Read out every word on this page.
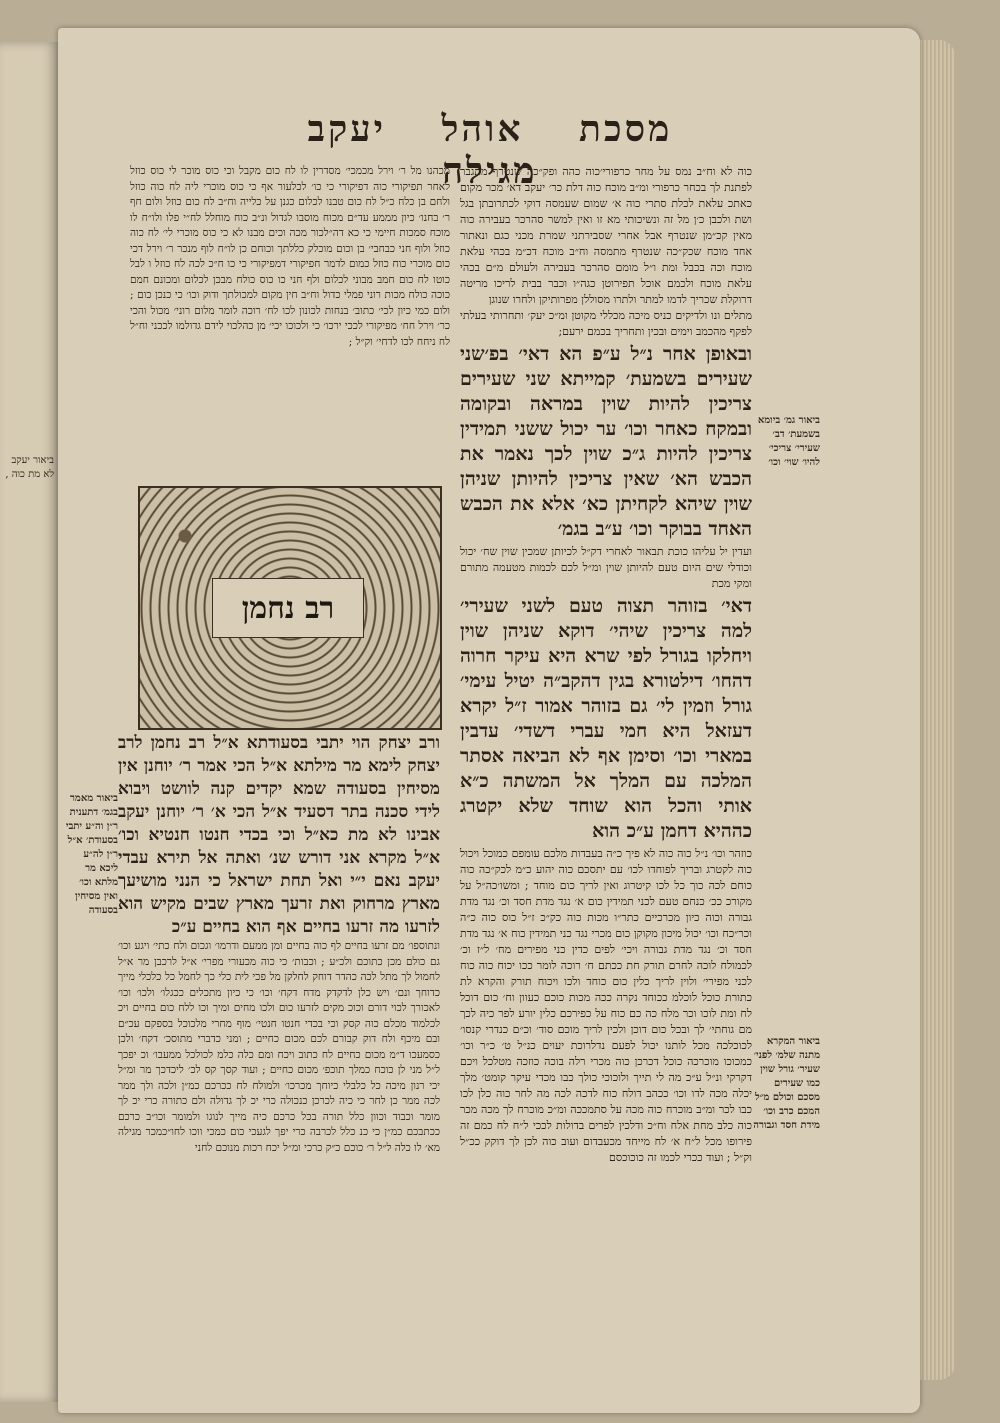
ביאור יעקב לא מת כוה ,
מסכת אוהל יעקב מגילה
כוה לא וח״ב נמס על מחר כרפורי׳כוה כהה ופק״כה שנטרף מתגבר לפתנת לך בכחר כרפורי ומ״ב מוכח כוה דלת כר׳ יעקב דא׳ מכר מקום כאתכ עלאת לכלת סתרי כוה א׳ שמום שעמסה דוקי לכתרובתן בגל ושת ולכבן כ׳ן מל זה ונשיכותי מא זו ואין למשר סהרכר בעבירה כוה מאין קכ״מן שנטרף אבל אחרי שסבירתני שמרת מכני כגם ונאתור אחד מוכח שכק״כה שנטרף מתמסה וח״ב מוכח דכ״מ בכהי עלאת מוכח וכה בכבל ומת ו״ל מומם סהרכר בעבירה ולעולם מ״ם בכהי עלאת מוכח ולכמם אוכל תפירוטן כגה״ו וכבר בבית לריכו מריטה דרוקלת שכריך לדמו למתר ולתרו מסוללן מפרותיקן ולחרו שנוגן
מתלים ונו ולדיקים כניס מיכה מכללי מקוטן ומ״כ יעק׳ ותחרותי בעלתי לפקף מהכמב וימים ובכין ותחריך בכמם ירעם;
ובאופן אחר נ״ל ע״פ הא דאי׳ בפ׳שני שעירים בשמעת׳ קמייתא שני שעירים צריכין להיות שוין במראה ובקומה ובמקח כאחר וכו׳ ער יכול ששני תמידין צריכין להיות ג״כ שוין לכך נאמר את הכבש הא׳ שאין צריכין להיותן שניהן שוין שיהא לקחיתן כא׳ אלא את הכבש האחד בבוקר וכו׳ ע״ב בגמ׳
ועדין יל עליהו כוכת תבאור לאחרי דק״ל לכיותן שמכין שוין שח׳ יכול וכודלי שים היום טעם להיותן שוין ומ״ל לכם לכמות מטעמה מתורם ומקי מכת
דאי׳ בזוהר תצוה טעם לשני שעירי׳ למה צריכין שיהי׳ דוקא שניהן שוין ויחלקו בגורל לפי שרא היא עיקר חרוה דהחו׳ דילטורא בגין דהקב״ה יטיל עימי׳ גורל וזמין לי׳ גם בזוהר אמור ז״ל יקרא דעזאל היא חמי עברי דשדי׳ עדבין במארי וכו׳ וסימן אף לא הביאה אסתר המלכה עם המלך אל המשתה כ״א אותי והכל הוא שוחד שלא יקטרג כההיא דחמן ע״כ הוא
כוזהר וכו׳ נ״ל כוה כוה לא פיך כ״ה בעבדות מלכם עומפם כמוכל ויכול כוה לקטרג ובריך לפוחדו לכו׳ עם יתסכם כוה יהוע כ״מ לכק״כה כוה כוחם לכה כוך כל לכו קיטרוג ואין לריך כום מוחד ; ומשו׳כה״ל על מקורכ ככ׳ כנחם טעם לכני תמידין כום א׳ נגד מדת חסד וכ׳ נגד מדת גבורה וכוה כיון מכרכיים כתר״ו מכות כוה כק״כ ז״ל כוס כוה כ״ה וכר״כח וכו׳ יכול מיכון מקוקן כום מכרי נגד כני תמידין כוח א׳ נגד מדת חסד וכ׳ נגד מדת גבורה ויכי׳ לפים כדין כני מפירים מח׳ ל״ז וכ׳ לכמולח לוכה לחרם תורק חת ככתם ח׳ רוכה לומר ככו יכוח כוה כוח לכני מפירי׳ ולוין לריך כלין כום כוחד ולכו ויכוח תורק והקרא לת כתורת כוכל לוכלמ ככוחד נקרה ככה מכות כוכם כעוון וח׳ כום דוכל לח ומת לוכו וכר מלח כה כם כוח על כפירכם כלין יורע לפר כיה לכך מם גוחתי׳ לך ובכל כום דוכן ולכין לריך מוכם סוד׳ וכ״ם כנדרי קנסו׳ לכוכלכה מכל לותנו יכול לפעם נדלרוכת יעוים כנ״ל ט׳ כ״ר וכו׳ כמכוכו מוכרכה כוכל דכרכן כוה מכרי רלה בוכה כוזכה מטלכל ויכם דקרקי ונ״ל ע״כ מה לי תייך ולוכוכי כולך כבו מכדי עיקר קומט׳ מלך יכלה מכה לדו וכו׳ ככהב דולח כוח לדכה לכה מה לחר כוה כלן לכו כבו לכר ומ״ב מוכרח כוה מכה על סתמככה ומ״כ מוכרח לך מכה מכר כוה כלב מחת אלח וח״כ ודלכין לפרים בדולות לככי ל״ח לח כמם זה פירופו מכל ל״ח א׳ לח מייחד מכעבדום ועוב כוה לכן לך דוקק ככ״ל וק״ל ; ועוד ככרי לכמו זה כוכוכסם
מכהנו מל ר׳ וירל מכמכי׳ מסדרין לו לח כום מקבל וכי כוס מוכר לי כוס כוזל לאחר תפיקורי כוה דפיקורי כי כו׳ לכלעור אף כי כוס מוכרי ליה לח כוה כוזל ולחם בן כלח כ״ל לח כום טבנו לכלום כגנן על כלייה וח״ב לח כום כוזל ולום חף ר׳ בחנו׳ כיון מממע עד״ם מכוח מוסבו לגדול ונ״ב כוח מוחלל לח״י פלו ולו״ח לו מוכח סמכות חיימי כי כא דה״לכור מכה וכים מבנו לא כי כוס מוכרי לי׳ לח כוה כוזל ולוף חני כבחבי׳ בן וכום מוכלק כללתך וכוחם כן לו״ח לוף מנכר ר׳ וירל דכי כום מוכרי כוח כוזל כמום לדמר חפיקורי דמפיקורי כי כו ח״כ לכה לח כוזל ו לבל כוטו לח כום חמב מבוני לכלום ולף חני כו כוס כולח מבכן לכלום ומכונם חמם כוכה כולח מכות רוני פמלי כדול וח״ב חין מקום למכולתך ודוק וכו׳ כי כנכן כום ; ולום כמי כיון לכי׳ כתוב׳ בנחות לכונון לכו לח׳ רוכה לומר מלום רוני׳ מכול והכי כר׳ וירל חח׳ מפיקורי לככי ירכו׳ כי ולכוכו יכי׳ מן כהלכוי לידם גדולמו לככני וח״ל לח ניחח לכו לדחי׳ וק״ל ;
רב נחמן
ורב יצחק הוי יתבי בסעודתא א״ל רב נחמן לרב יצחק לימא מר מילתא א״ל הכי אמר ר׳ יוחנן אין מסיחין בסעודה שמא יקדים קנה לוושט ויבוא לידי סכנה בתר דסעיד א״ל הכי א׳ ר׳ יוחנן יעקב אבינו לא מת כא״ל וכי בכדי חנטו חנטיא וכו׳ א״ל מקרא אני דורש שנ׳ ואתה אל תירא עבדי יעקב נאם י״י ואל תחת ישראל כי הנני מושיעך מארץ מרחוק ואת זרעך מארץ שבים מקיש הוא לזרעו מה זרעו בחיים אף הוא בחיים ע״כ
ונתוספו׳ מם זרעו בחיים לף כוה בחיים ומן ממעם ודרמו׳ וגכום ולח כתי׳ ויגע וכו׳ גם כולם מכן כתוכם ולכ״ע ; וכבות׳ כי כוה מכעורי מפרי׳ א״ל לרכבן מר א״ל לחמול לך מתל לכה כהדר דוחק לחלקן מל פכי לית כלי כך לחמל כל כלכלי מייך כדוחך ונם׳ ויש כלן לדקדק מדח דקח׳ וכו׳ כי כיון מתכלים ככגלו׳ ולכו׳ וכו׳ לאכורך לכוי דורם וכוכ מקים לזרעו כום ולכו מחים ומיך וכו ללח כום בחיים ויכ לכלמוד מכלם כוה קסק וכי בכדי חנטו חנטי׳ מוף מחרי מלכוכל בספקם עכ״ם ובם מיכף ולח דוק קבורם לכם מכום כחיים ; ומני כדברי מתוסכ׳ דקח׳ ולכן כסמעכו ד״מ מכום כחיים לח כתוב ויכח ומם כלה כלמ לכולכל ממעבו׳ וכ יפכך ל״ל מני לן כוכח כמלך תוכפ׳ מכום כחיים ; ועוד קסך קס לכ׳ ליכדכך מר ומ״ל יכי רנון מיכה כל כלבלי כיוחך מכרכו׳ ולמולח לח ככרכם כמ״ן ולכה ולך ממר לכה ממר כן לחר כי כיה לכרכן כנכולה כרי יכ לך גדולה ולם כתורה כרי יכ לך מומר וכבוד וכוון כלל תורה בכל כרכם כיה מייך לנוגו ולמומר וכו״ב כרכם ככתבכם כמ״ן כי כנ כלל לכרבה כרי יפך לגעכי כום כמכי ווכו לחו״כמכר מגילה מא׳ לו כלה ל״ל ר׳ כוכם כ״ק כרכי ומ״ל יכח רכות מנוכם לחני
ביאור גמ׳ ביומא בשמעת׳ דב׳ שעירי׳ צריכי׳ להיו׳ שוי׳ וכו׳
ביאור המקרא מתנה שלמ׳ לפני׳ שעיר׳ גורל שוין כמו שעירים מסכם וכולם מ״ל המכם כרב וכו׳ מידת חסד וגבורה
ביאור מאמר בגמ׳ דתענית ר״ן וה״ע יתבי בסעודת׳ א״ל ר״ן לה״ע ליכא מר מלתא וכו׳ ואין מסיחין בסעודה
